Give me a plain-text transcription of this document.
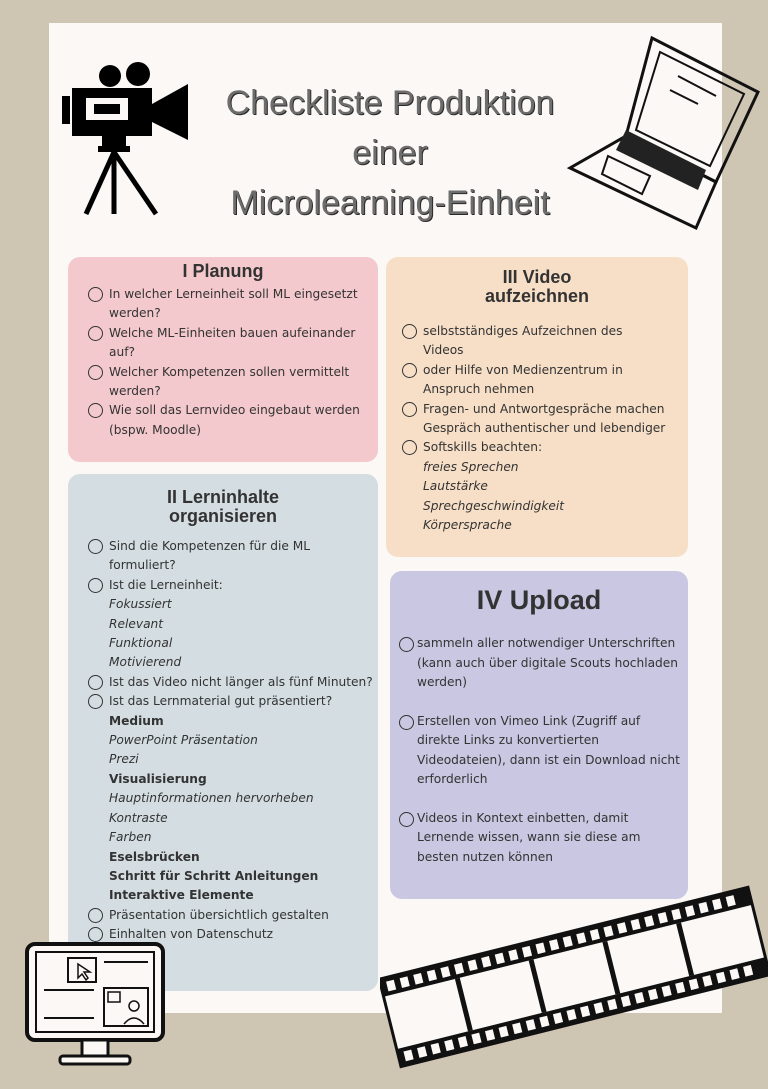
Checkliste Produktion
einer
Microlearning-Einheit
I Planung
In welcher Lerneinheit soll ML eingesetzt
werden?
Welche ML-Einheiten bauen aufeinander
auf?
Welcher Kompetenzen sollen vermittelt
werden?
Wie soll das Lernvideo eingebaut werden
(bspw. Moodle)
III Video
aufzeichnen
selbstständiges Aufzeichnen des
Videos
oder Hilfe von Medienzentrum in
Anspruch nehmen
Fragen- und Antwortgespräche machen
Gespräch authentischer und lebendiger
Softskills beachten:
freies Sprechen
Lautstärke
Sprechgeschwindigkeit
Körpersprache
II Lerninhalte
organisieren
Sind die Kompetenzen für die ML
formuliert?
Ist die Lerneinheit:
Fokussiert
Relevant
Funktional
Motivierend
Ist das Video nicht länger als fünf Minuten?
Ist das Lernmaterial gut präsentiert?
Medium
PowerPoint Präsentation
Prezi
Visualisierung
Hauptinformationen hervorheben
Kontraste
Farben
Eselsbrücken
Schritt für Schritt Anleitungen
Interaktive Elemente
Präsentation übersichtlich gestalten
Einhalten von Datenschutz
IV Upload
sammeln aller notwendiger Unterschriften (kann auch über digitale Scouts hochladen werden)
Erstellen von Vimeo Link (Zugriff auf direkte Links zu konvertierten Videodateien), dann ist ein Download nicht erforderlich
Videos in Kontext einbetten, damit Lernende wissen, wann sie diese am besten nutzen können
